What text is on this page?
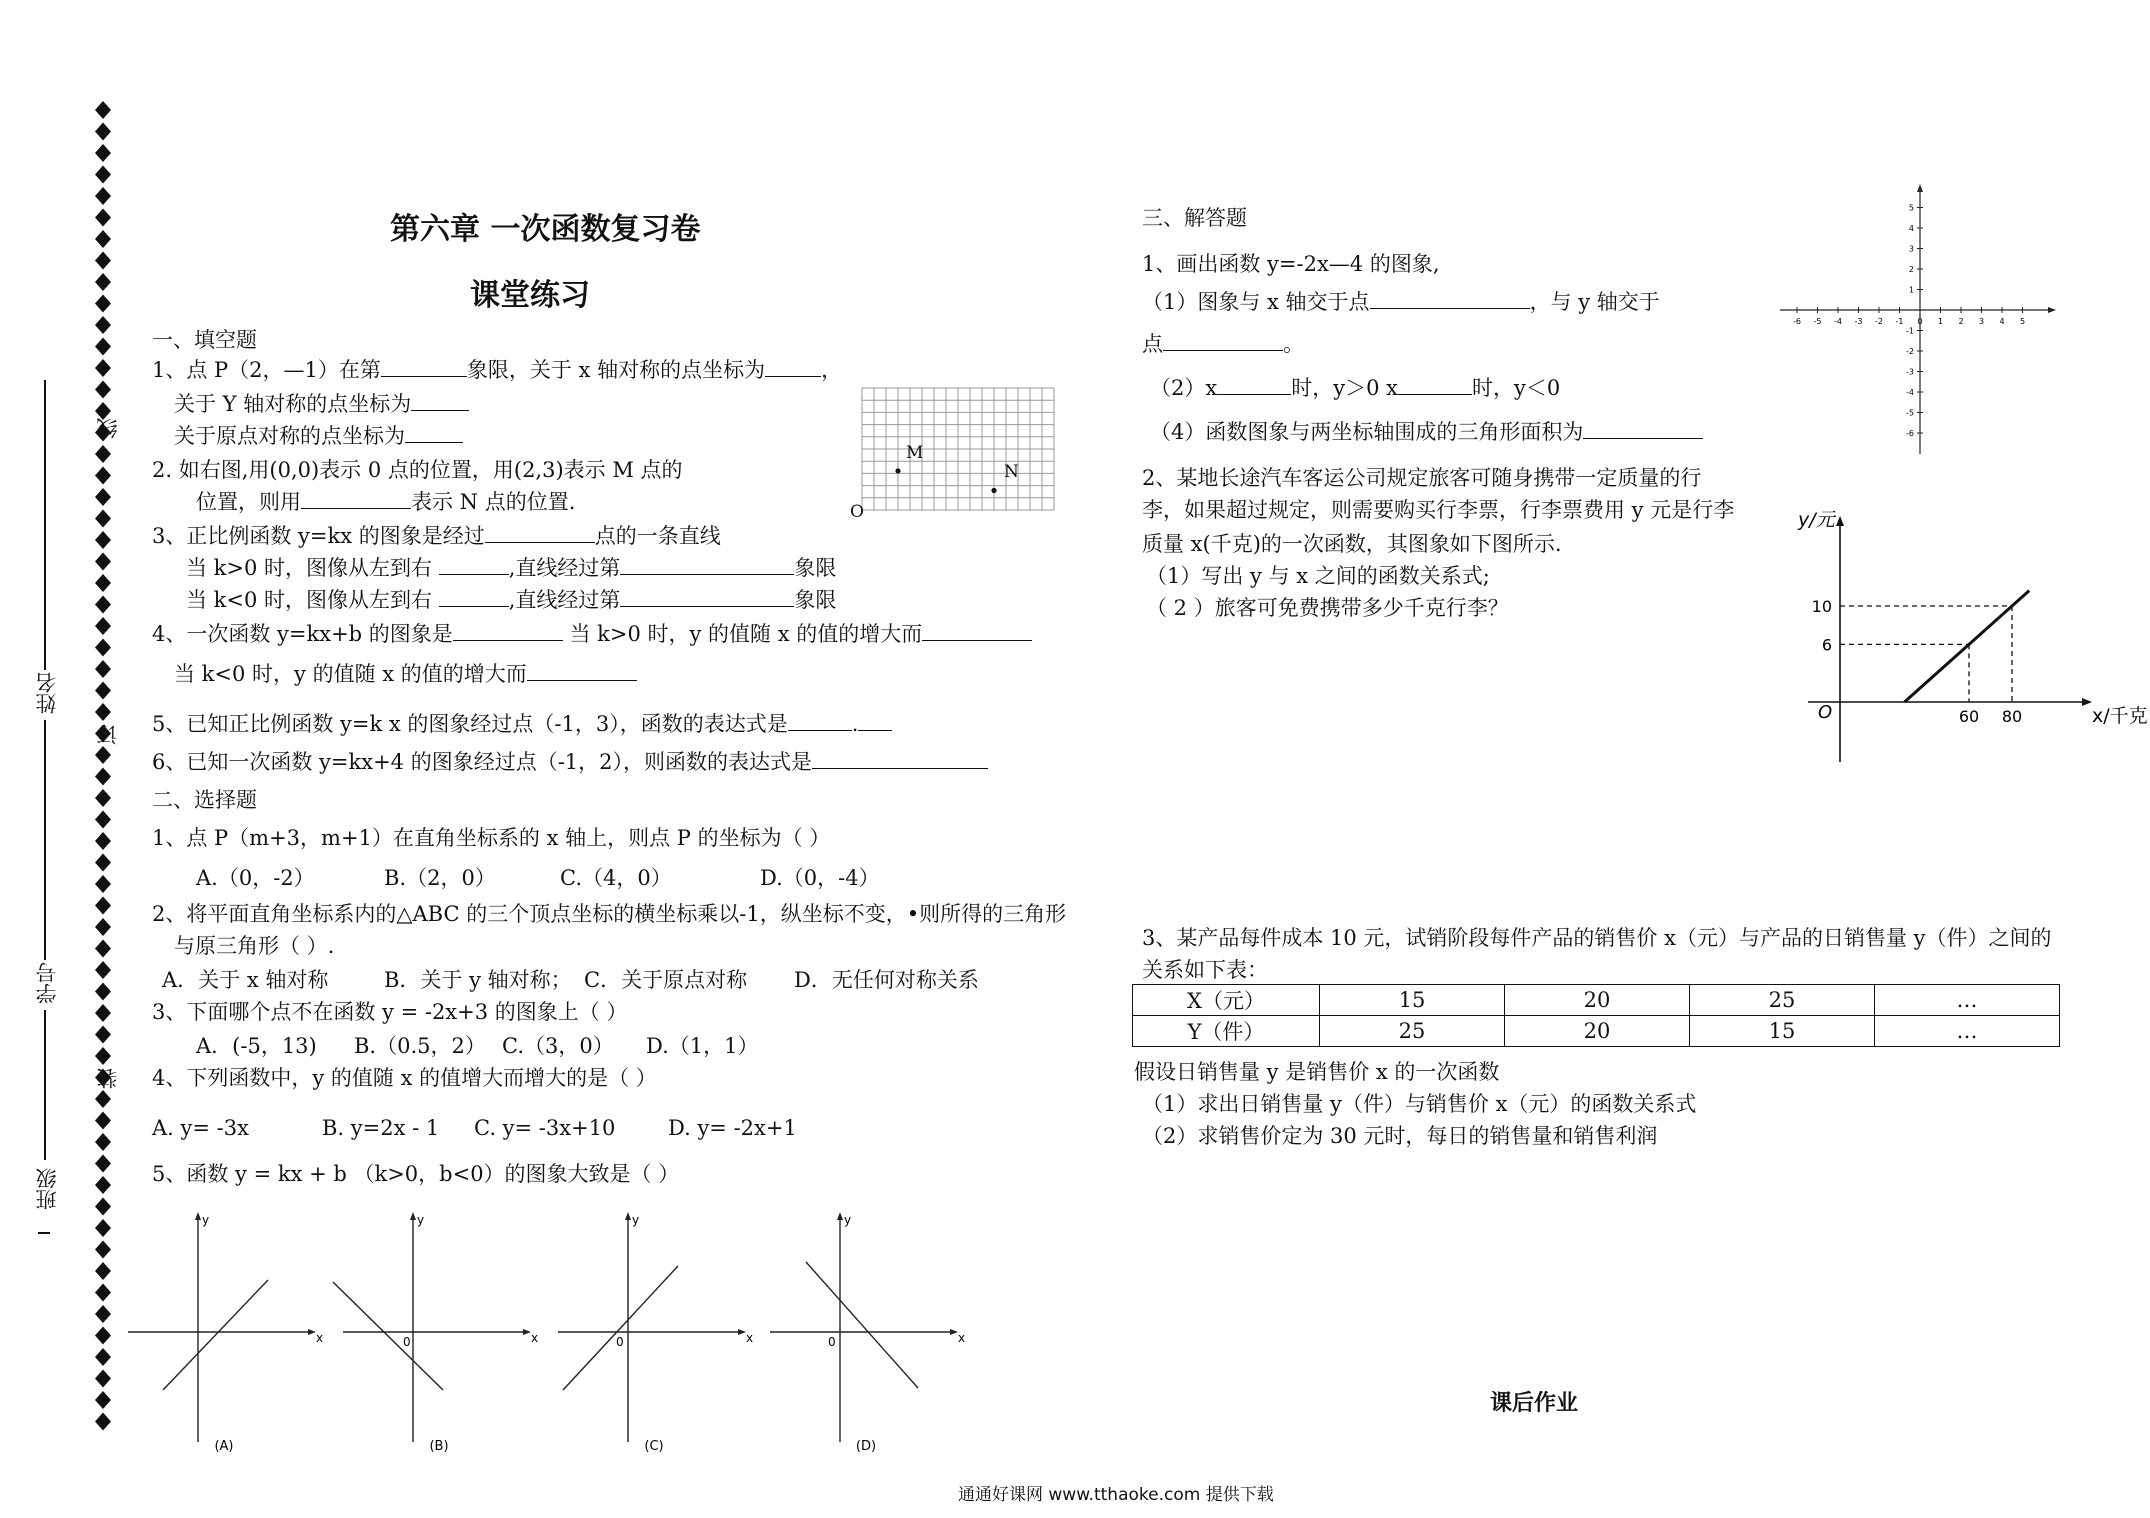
线
订
装
姓名
学号
班级
第六章 一次函数复习卷
课堂练习
一、填空题
1、点 P（2，—1）在第	象限，关于 x 轴对称的点坐标为	，
关于 Y 轴对称的点坐标为
关于原点对称的点坐标为
2. 如右图,用(0,0)表示 0 点的位置，用(2,3)表示 M 点的
位置，则用	表示 N 点的位置.
M
N
O
3、正比例函数 y=kx 的图象是经过	点的一条直线
当 k>0 时，图像从左到右	,直线经过第	象限
当 k<0 时，图像从左到右	,直线经过第	象限
4、一次函数 y=kx+b 的图象是	当 k>0 时，y 的值随 x 的值的增大而
当 k<0 时，y 的值随 x 的值的增大而
5、已知正比例函数 y=k x 的图象经过点（-1，3），函数的表达式是	.
6、已知一次函数 y=kx+4 的图象经过点（-1，2），则函数的表达式是
二、选择题
1、点 P（m+3，m+1）在直角坐标系的 x 轴上，则点 P 的坐标为（ ）
A.（0，-2）	B.（2，0）	C.（4，0）	D.（0，-4）
2、将平面直角坐标系内的△ABC 的三个顶点坐标的横坐标乘以-1，纵坐标不变，•则所得的三角形
与原三角形（ ）.
A．关于 x 轴对称	B．关于 y 轴对称； C．关于原点对称 D．无任何对称关系
3、下面哪个点不在函数 y = -2x+3 的图象上（ ）
A．(-5，13) B.（0.5，2） C.（3，0） D.（1，1）
4、下列函数中，y 的值随 x 的值增大而增大的是（ ）
A. y= -3x	B. y=2x - 1 C. y= -3x+10	D. y= -2x+1
5、函数 y = kx + b （k>0，b<0）的图象大致是（ ）
x
y
(A)
x
y
(B)
x
y
(C)
x
y
(D)
0	0	0
三、解答题
1、画出函数 y=-2x—4 的图象,
（1）图象与 x 轴交于点	，与 y 轴交于
点	。
（2）x	时，y＞0 x	时，y＜0
（4）函数图象与两坐标轴围成的三角形面积为
-6 -5 -4 -3 -2 -1 0 1 2 3 4 5
5
4
3
2
1
-1
-2
-3
-4
-5
-6
2、某地长途汽车客运公司规定旅客可随身携带一定质量的行
李，如果超过规定，则需要购买行李票，行李票费用 y 元是行李
质量 x(千克)的一次函数，其图象如下图所示.
（1）写出 y 与 x 之间的函数关系式;
（ 2 ）旅客可免费携带多少千克行李？
y/元
x/千克
O
10
6
60 80
3、某产品每件成本 10 元，试销阶段每件产品的销售价 x（元）与产品的日销售量 y（件）之间的
关系如下表：
X（元）	15	20	25	…
Y（件）	25	20	15	…
假设日销售量 y 是销售价 x 的一次函数
（1）求出日销售量 y（件）与销售价 x（元）的函数关系式
（2）求销售价定为 30 元时，每日的销售量和销售利润
课后作业
通通好课网 www.tthaoke.com 提供下载
